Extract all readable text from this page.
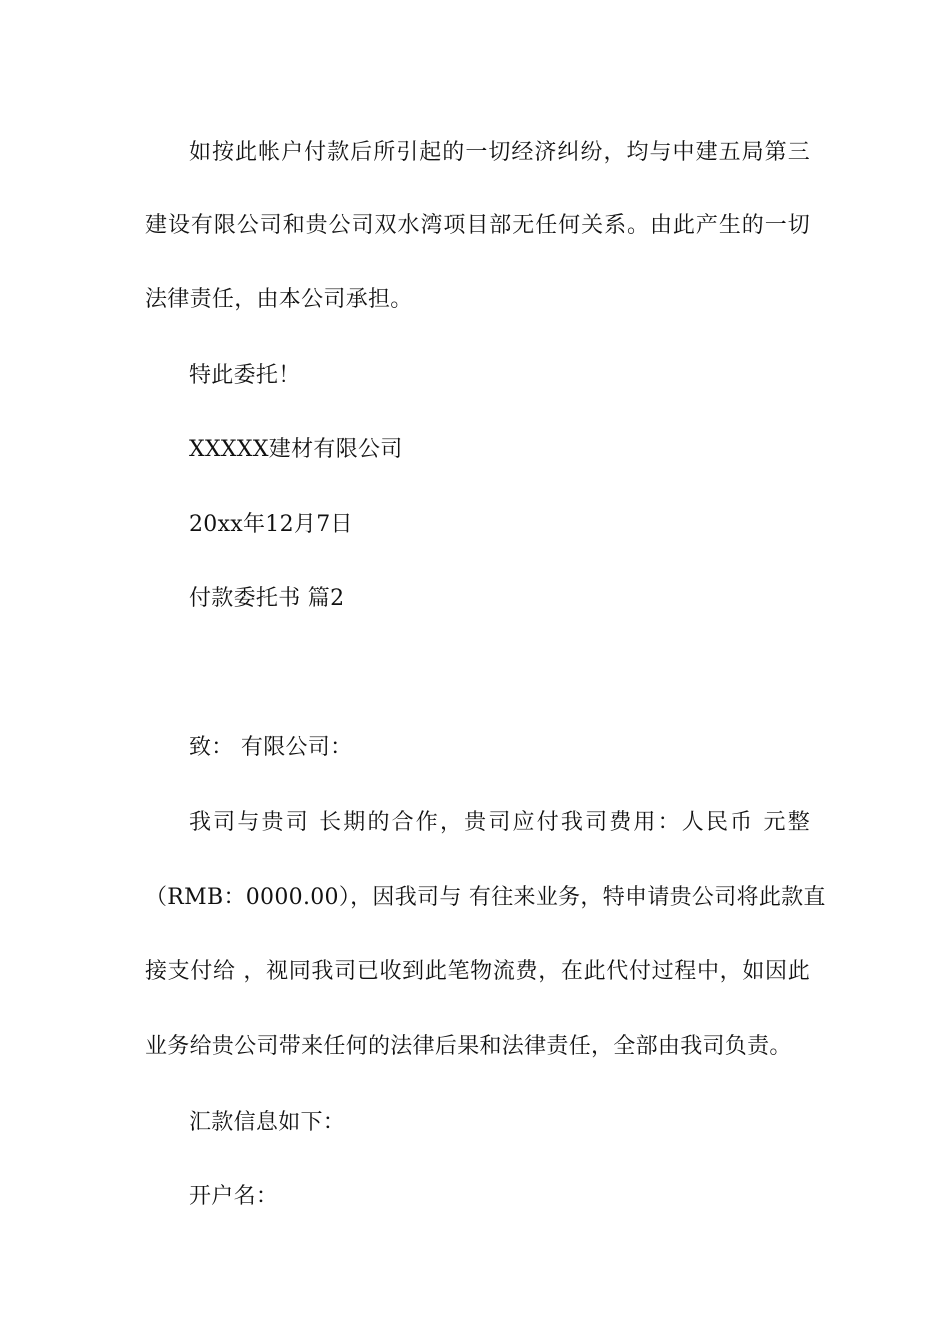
如按此帐户付款后所引起的一切经济纠纷，均与中建五局第三
建设有限公司和贵公司双水湾项目部无任何关系。由此产生的一切
法律责任，由本公司承担。
特此委托！
XXXXX建材有限公司
20xx年12月7日
付款委托书 篇2
致： 有限公司：
我司与贵司 长期的合作，贵司应付我司费用：人民币 元整
（RMB：0000.00），因我司与 有往来业务，特申请贵公司将此款直
接支付给 ，视同我司已收到此笔物流费，在此代付过程中，如因此
业务给贵公司带来任何的法律后果和法律责任，全部由我司负责。
汇款信息如下：
开户名：
